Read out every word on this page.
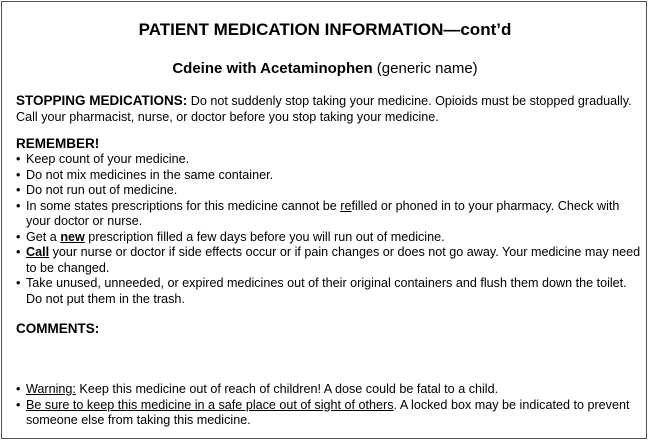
PATIENT MEDICATION INFORMATION—cont’d

Cdeine with Acetaminophen (generic name)

STOPPING MEDICATIONS: Do not suddenly stop taking your medicine. Opioids must be stopped gradually. Call your pharmacist, nurse, or doctor before you stop taking your medicine.

REMEMBER!
• Keep count of your medicine.
• Do not mix medicines in the same container.
• Do not run out of medicine.
• In some states prescriptions for this medicine cannot be refilled or phoned in to your pharmacy. Check with your doctor or nurse.
• Get a new prescription filled a few days before you will run out of medicine.
• Call your nurse or doctor if side effects occur or if pain changes or does not go away. Your medicine may need to be changed.
• Take unused, unneeded, or expired medicines out of their original containers and flush them down the toilet. Do not put them in the trash.
COMMENTS:
• Warning: Keep this medicine out of reach of children! A dose could be fatal to a child.
• Be sure to keep this medicine in a safe place out of sight of others. A locked box may be indicated to prevent someone else from taking this medicine.
